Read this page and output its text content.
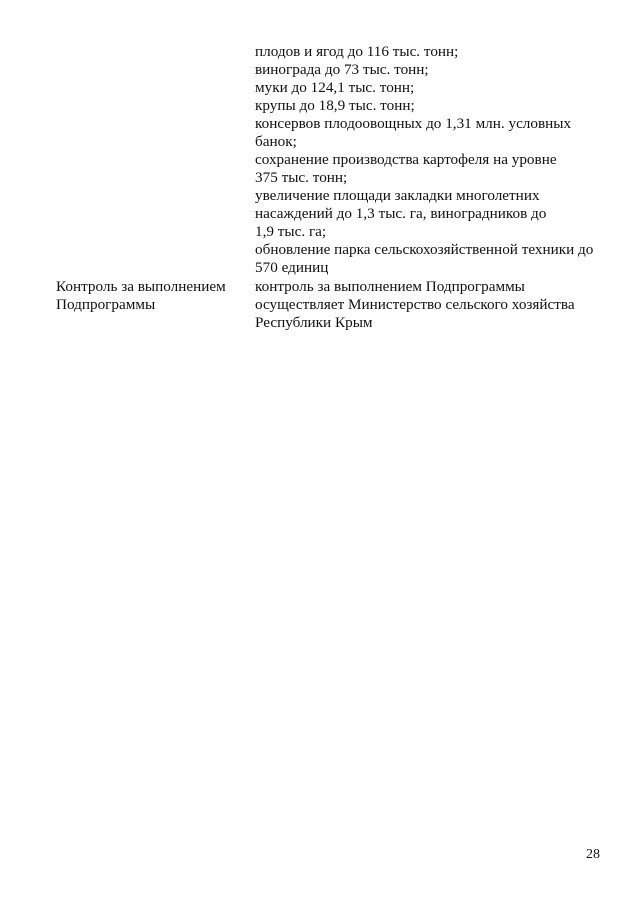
плодов и ягод до 116 тыс. тонн;
винограда до 73 тыс. тонн;
муки до 124,1 тыс. тонн;
крупы до 18,9 тыс. тонн;
консервов плодоовощных до 1,31 млн. условных
банок;
сохранение производства картофеля на уровне
375 тыс. тонн;
увеличение площади закладки многолетних
насаждений до 1,3 тыс. га, виноградников до
1,9 тыс. га;
обновление парка сельскохозяйственной техники до
570 единиц
Контроль за выполнением
Подпрограммы
контроль за выполнением Подпрограммы
осуществляет Министерство сельского хозяйства
Республики Крым
28
